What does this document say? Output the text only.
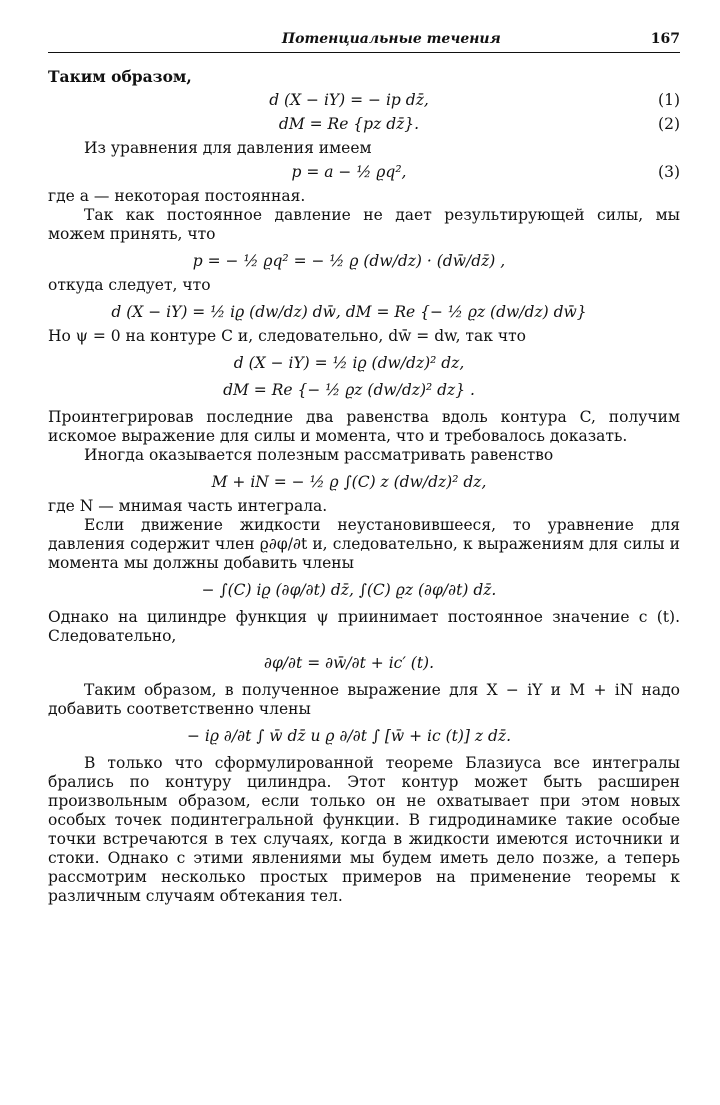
Потенциальные течения	167

Таким образом,

d (X − iY) = − ip dz̄,	(1)
dM = Re {pz dz̄}.	(2)

Из уравнения для давления имеем

p = a − ½ ϱq²,	(3)

где a — некоторая постоянная.

Так как постоянное давление не дает результирующей силы, мы можем принять, что

p = − ½ ϱq² = − ½ ϱ (dw/dz) · (dw̄/dz̄) ,

откуда следует, что

d (X − iY) = ½ iϱ (dw/dz) dw̄, dM = Re {− ½ ϱz (dw/dz) dw̄}

Но ψ = 0 на контуре C и, следовательно, dw̄ = dw, так что

d (X − iY) = ½ iϱ (dw/dz)² dz,
dM = Re {− ½ ϱz (dw/dz)² dz} .

Проинтегрировав последние два равенства вдоль контура C, получим искомое выражение для силы и момента, что и требовалось доказать.

Иногда оказывается полезным рассматривать равенство

M + iN = − ½ ϱ ∫(C) z (dw/dz)² dz,

где N — мнимая часть интеграла.

Если движение жидкости неустановившееся, то уравнение для давления содержит член ϱ∂φ/∂t и, следовательно, к выражениям для силы и момента мы должны добавить члены

− ∫(C) iϱ (∂φ/∂t) dz̄, ∫(C) ϱz (∂φ/∂t) dz̄.

Однако на цилиндре функция ψ приинимает постоянное значение c (t). Следовательно,

∂φ/∂t = ∂w̄/∂t + ic′ (t).

Таким образом, в полученное выражение для X − iY и M + iN надо добавить соответственно члены

− iϱ ∂/∂t ∫ w̄ dz̄ и ϱ ∂/∂t ∫ [w̄ + ic (t)] z dz̄.

В только что сформулированной теореме Блазиуса все интегралы брались по контуру цилиндра. Этот контур может быть расширен произвольным образом, если только он не охватывает при этом новых особых точек подинтегральной функции. В гидродинамике такие особые точки встречаются в тех случаях, когда в жидкости имеются источники и стоки. Однако с этими явлениями мы будем иметь дело позже, а теперь рассмотрим несколько простых примеров на применение теоремы к различным случаям обтекания тел.
